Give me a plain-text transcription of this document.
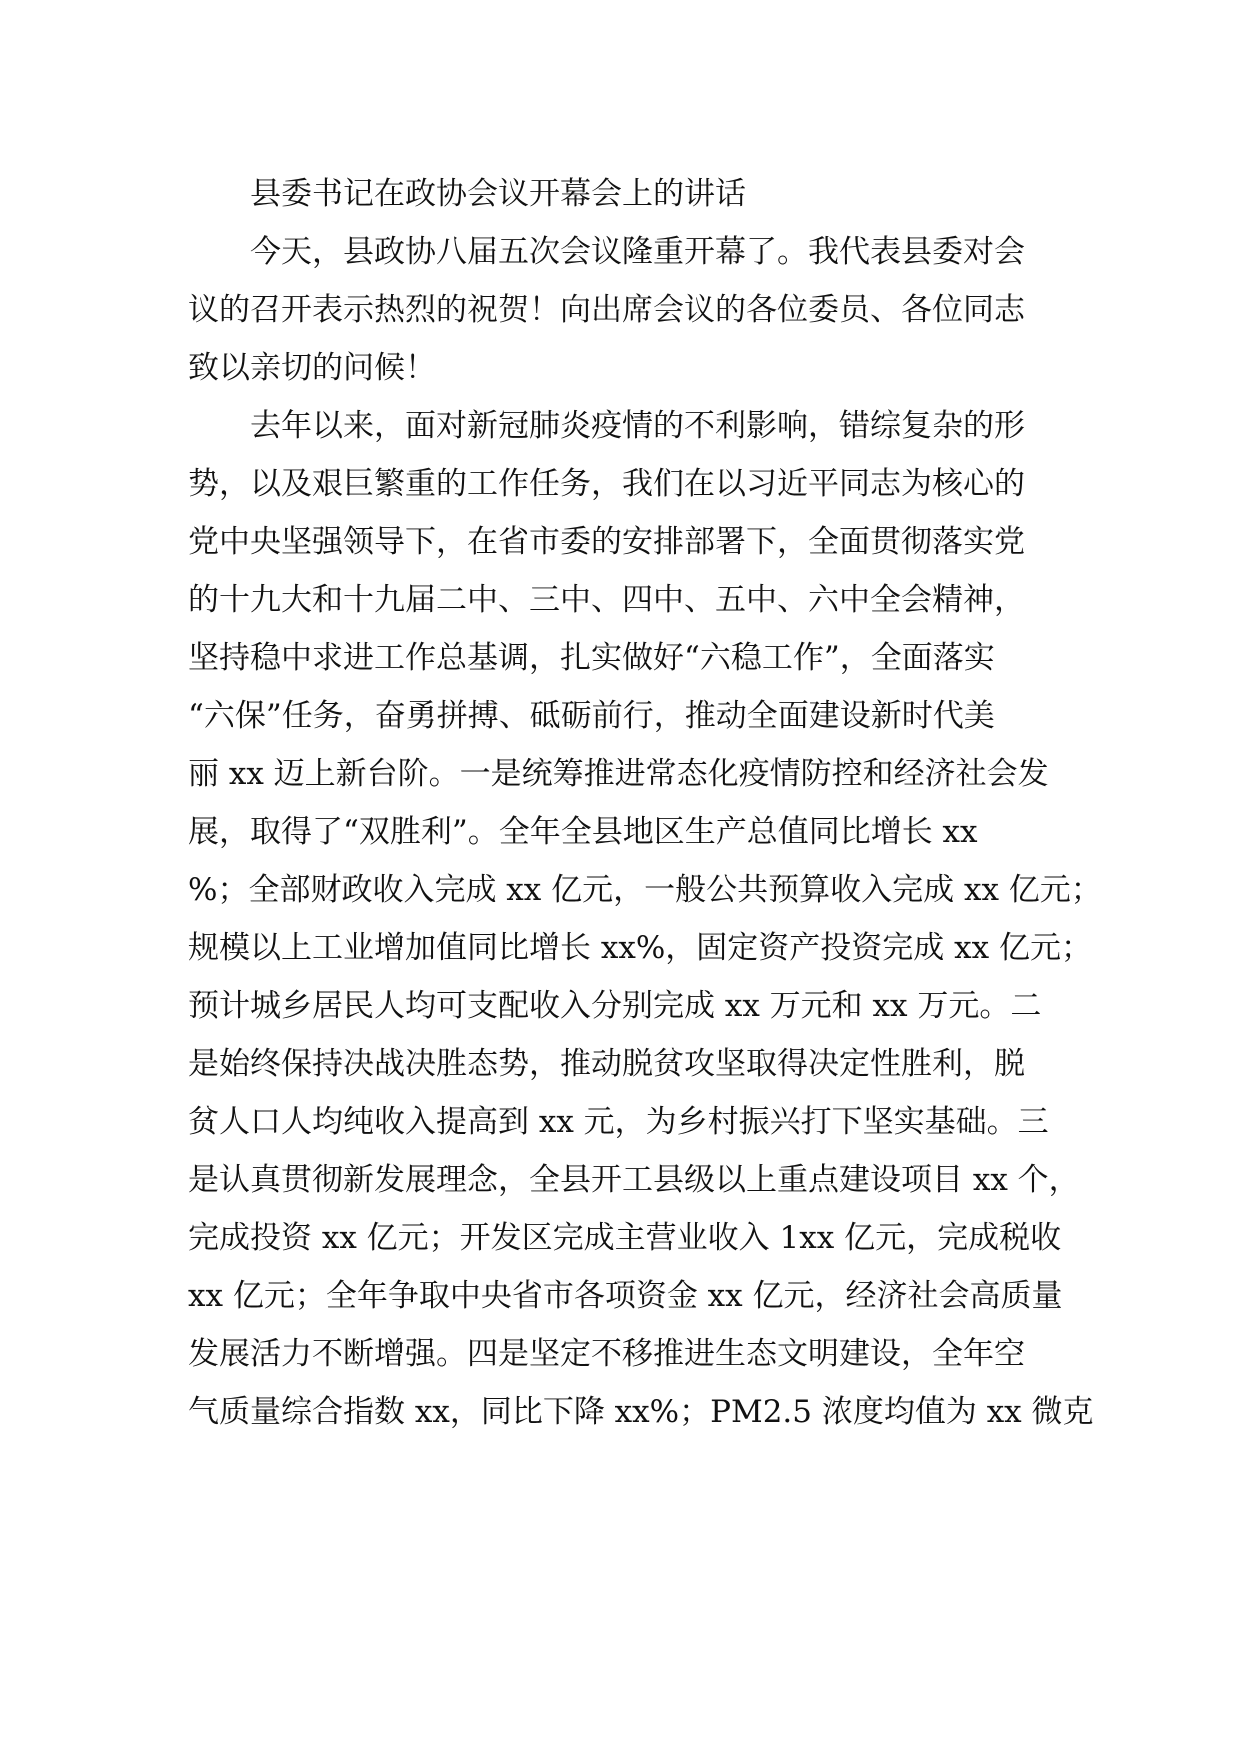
县委书记在政协会议开幕会上的讲话
今天，县政协八届五次会议隆重开幕了。我代表县委对会
议的召开表示热烈的祝贺！向出席会议的各位委员、各位同志
致以亲切的问候！
去年以来，面对新冠肺炎疫情的不利影响，错综复杂的形
势，以及艰巨繁重的工作任务，我们在以习近平同志为核心的
党中央坚强领导下，在省市委的安排部署下，全面贯彻落实党
的十九大和十九届二中、三中、四中、五中、六中全会精神，
坚持稳中求进工作总基调，扎实做好“六稳工作”，全面落实
“六保”任务，奋勇拼搏、砥砺前行，推动全面建设新时代美
丽 xx 迈上新台阶。一是统筹推进常态化疫情防控和经济社会发
展，取得了“双胜利”。全年全县地区生产总值同比增长 xx
%；全部财政收入完成 xx 亿元，一般公共预算收入完成 xx 亿元；
规模以上工业增加值同比增长 xx%，固定资产投资完成 xx 亿元；
预计城乡居民人均可支配收入分别完成 xx 万元和 xx 万元。二
是始终保持决战决胜态势，推动脱贫攻坚取得决定性胜利，脱
贫人口人均纯收入提高到 xx 元，为乡村振兴打下坚实基础。三
是认真贯彻新发展理念，全县开工县级以上重点建设项目 xx 个，
完成投资 xx 亿元；开发区完成主营业收入 1xx 亿元，完成税收
xx 亿元；全年争取中央省市各项资金 xx 亿元，经济社会高质量
发展活力不断增强。四是坚定不移推进生态文明建设，全年空
气质量综合指数 xx，同比下降 xx%；PM2.5 浓度均值为 xx 微克
